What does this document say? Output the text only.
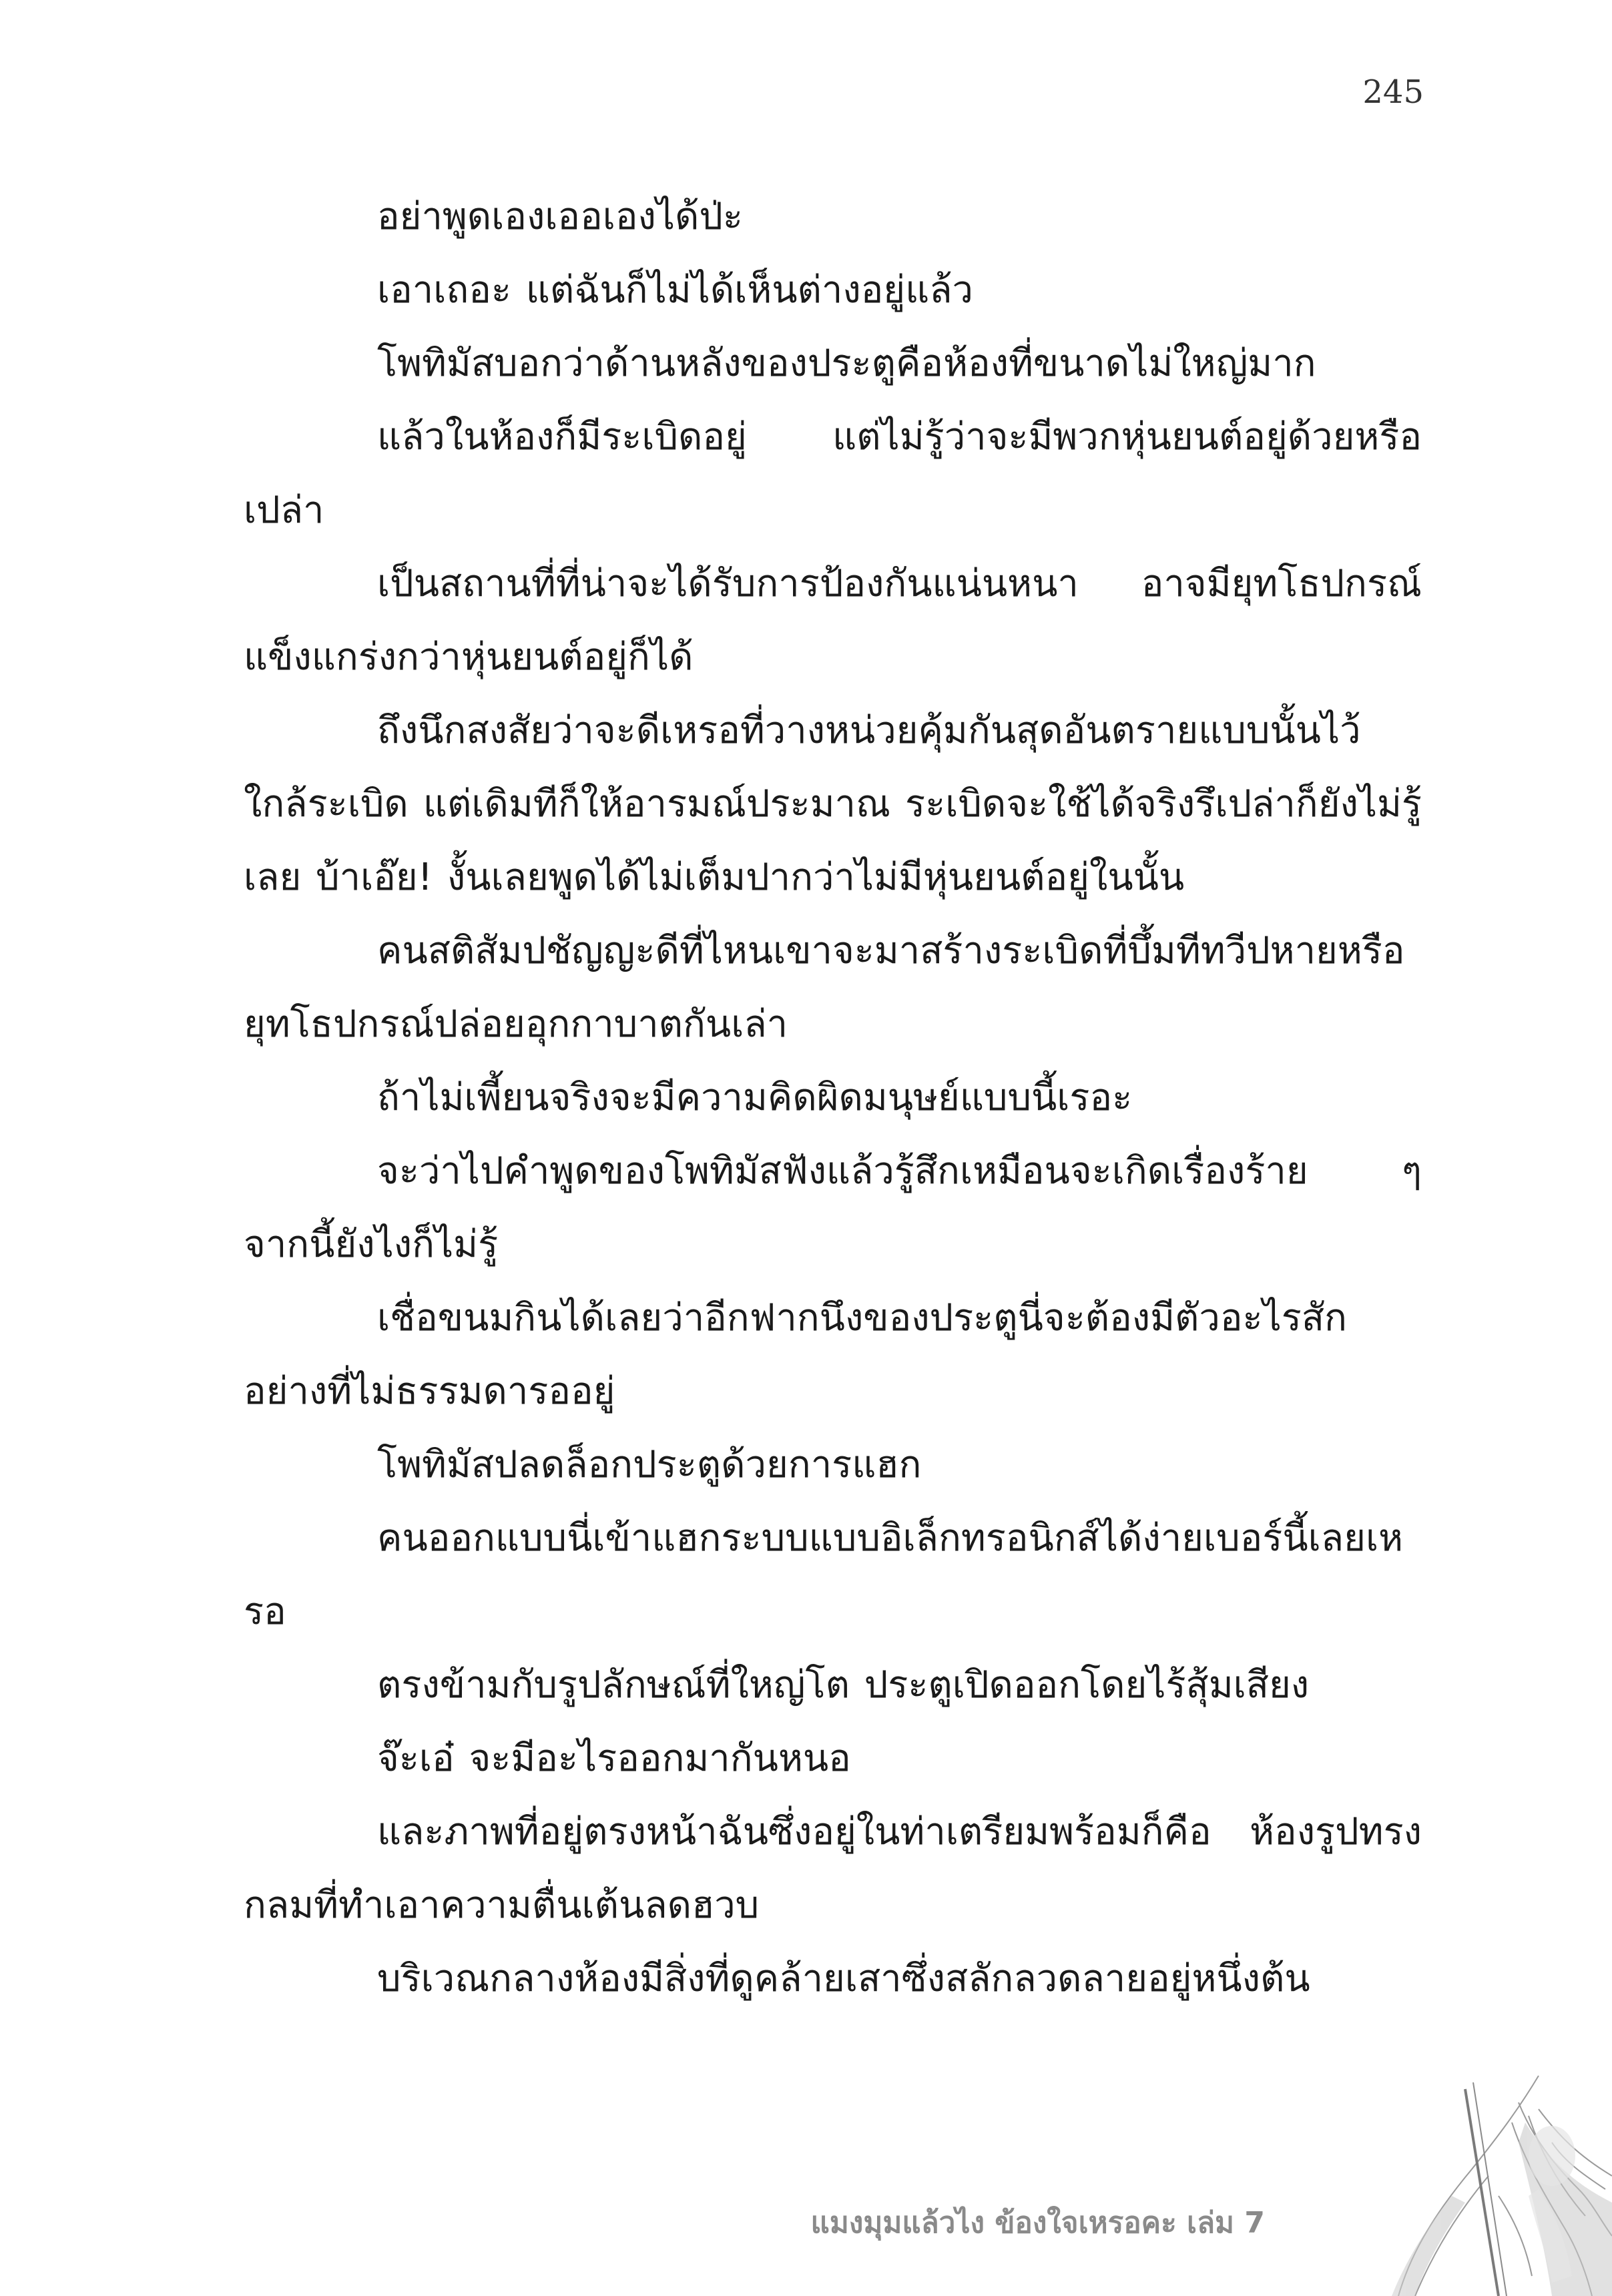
245

อย่าพูดเองเออเองได้ป่ะ

เอาเถอะ แต่ฉันก็ไม่ได้เห็นต่างอยู่แล้ว

โพทิมัสบอกว่าด้านหลังของประตูคือห้องที่ขนาดไม่ใหญ่มาก

แล้วในห้องก็มีระเบิดอยู่ แต่ไม่รู้ว่าจะมีพวกหุ่นยนต์อยู่ด้วยหรือเปล่า

เป็นสถานที่ที่น่าจะได้รับการป้องกันแน่นหนา อาจมียุทโธปกรณ์แข็งแกร่งกว่าหุ่นยนต์อยู่ก็ได้

ถึงนึกสงสัยว่าจะดีเหรอที่วางหน่วยคุ้มกันสุดอันตรายแบบนั้นไว้ใกล้ระเบิด แต่เดิมทีก็ให้อารมณ์ประมาณ ระเบิดจะใช้ได้จริงรึเปล่าก็ยังไม่รู้เลย บ้าเอ๊ย! งั้นเลยพูดได้ไม่เต็มปากว่าไม่มีหุ่นยนต์อยู่ในนั้น

คนสติสัมปชัญญะดีที่ไหนเขาจะมาสร้างระเบิดที่บึ้มทีทวีปหายหรือยุทโธปกรณ์ปล่อยอุกกาบาตกันเล่า

ถ้าไม่เพี้ยนจริงจะมีความคิดผิดมนุษย์แบบนี้เรอะ

จะว่าไปคำพูดของโพทิมัสฟังแล้วรู้สึกเหมือนจะเกิดเรื่องร้าย ๆ จากนี้ยังไงก็ไม่รู้

เชื่อขนมกินได้เลยว่าอีกฟากนึงของประตูนี่จะต้องมีตัวอะไรสักอย่างที่ไม่ธรรมดารออยู่

โพทิมัสปลดล็อกประตูด้วยการแฮก

คนออกแบบนี่เข้าแฮกระบบแบบอิเล็กทรอนิกส์ได้ง่ายเบอร์นี้เลยเหรอ

ตรงข้ามกับรูปลักษณ์ที่ใหญ่โต ประตูเปิดออกโดยไร้สุ้มเสียง

จ๊ะเอ๋ จะมีอะไรออกมากันหนอ

และภาพที่อยู่ตรงหน้าฉันซึ่งอยู่ในท่าเตรียมพร้อมก็คือ ห้องรูปทรงกลมที่ทำเอาความตื่นเต้นลดฮวบ

บริเวณกลางห้องมีสิ่งที่ดูคล้ายเสาซึ่งสลักลวดลายอยู่หนึ่งต้น

แมงมุมแล้วไง ข้องใจเหรอคะ เล่ม 7
